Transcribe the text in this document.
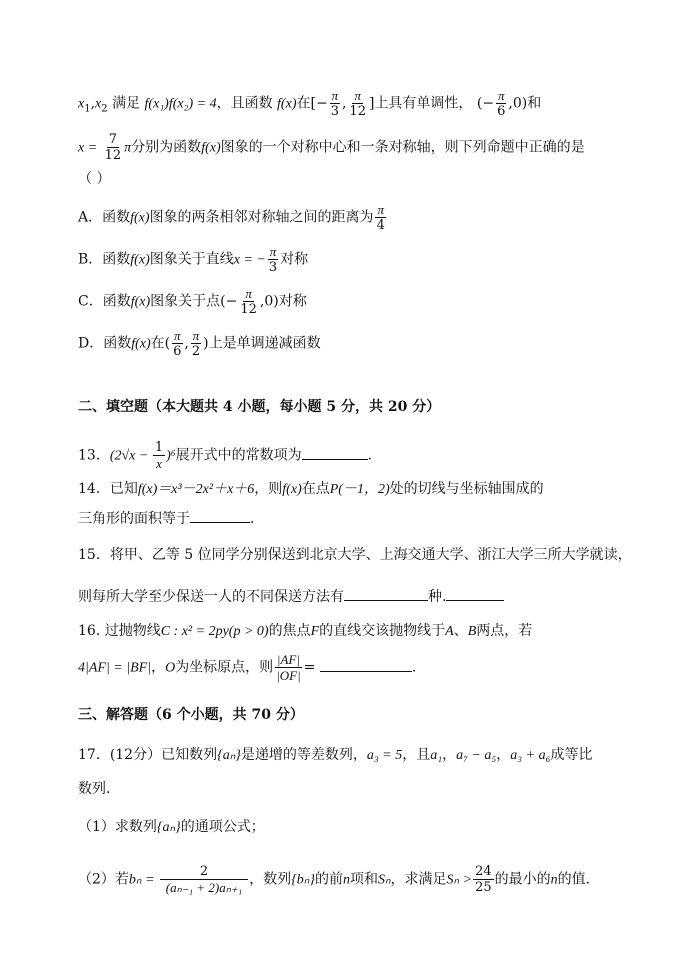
$x_1,x_2$ 满足 f(x₁)f(x₂) = 4，且函数 f(x)在[− $\frac{\pi}{3}$ , $\frac{\pi}{12}$ ]上具有单调性， (− $\frac{\pi}{6} ,0$)和
$x = \frac{7}{12}$ π分别为函数f(x)图象的一个对称中心和一条对称轴，则下列命题中正确的是
（ ）
A．函数f(x)图象的两条相邻对称轴之间的距离为 $\frac{\pi}{4}$
B．函数f(x)图象关于直线x = − $\frac{\pi}{3}$ 对称
C．函数f(x)图象关于点(− $\frac{\pi}{12} ,0$)对称
D．函数f(x)在( $\frac{\pi}{6}$ , $\frac{\pi}{2}$ )上是单调递减函数
二、填空题（本大题共 4 小题，每小题 5 分，共 20 分）
13．$(2√x - \frac{1}{x} )^6$展开式中的常数项为	.
14．已知f(x)＝x³－2x²＋x＋6，则f(x)在点P(－1，2)处的切线与坐标轴围成的
三角形的面积等于	.
15．将甲、乙等 5 位同学分别保送到北京大学、上海交通大学、浙江大学三所大学就读，
则每所大学至少保送一人的不同保送方法有	种.
16. 过抛物线C : x² = 2py(p > 0)的焦点F的直线交该抛物线于A、B两点，若
4|AF| = |BF|，O为坐标原点，则 $\frac{|AF|}{|OF|}$ =	.
三、解答题（6 个小题，共 70 分）
17．(12分）已知数列{aₙ}是递增的等差数列，a₃ = 5，且a₁，a₇ − a₅，a₃ + a₆成等比
数列.
（1）求数列{aₙ}的通项公式；
（2）若$b_n = \frac{2}{\text{(aₙ₋₁ + 2)aₙ₊₁}}$ ，数列{bₙ}的前n项和Sₙ，求满足$S_n > \frac{24}{25}$ 的最小的n的值.
